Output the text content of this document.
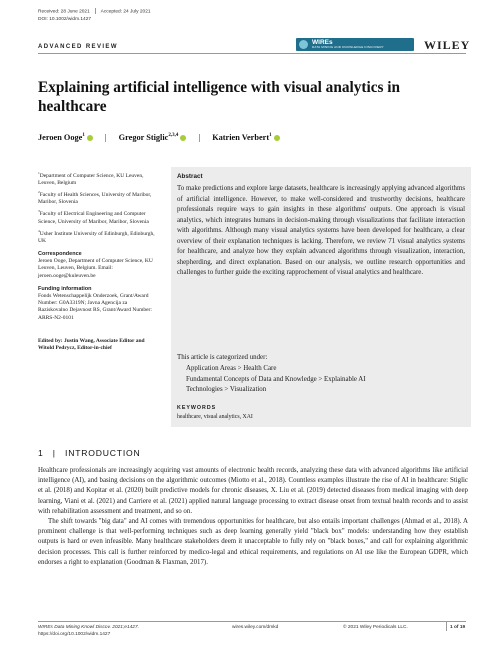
Received: 28 June 2021 Accepted: 24 July 2021
DOI: 10.1002/widm.1427
ADVANCED REVIEW
WIREs
DATA MINING AND KNOWLEDGE DISCOVERY	WILEY
Explaining artificial intelligence with visual analytics in healthcare
Jeroen Ooge$^1$ | Gregor Stiglic$^{2,3,4}$ | Katrien Verbert$^1$
$^1$Department of Computer Science, KU Leuven, Leuven, Belgium
$^2$Faculty of Health Sciences, University of Maribor, Maribor, Slovenia
$^3$Faculty of Electrical Engineering and Computer Science, University of Maribor, Maribor, Slovenia
$^4$Usher Institute University of Edinburgh, Edinburgh, UK
Correspondence
Jeroen Ooge, Department of Computer Science, KU Leuven, Leuven, Belgium. Email: jeroen.ooge@kuleuven.be
Funding information
Fonds Wetenschappelijk Onderzoek, Grant/Award Number: G0A3319N; Javna Agencija za Raziskovalno Dejavnost RS, Grant/Award Number: ARRS-N2-0101
Edited by: Justin Wang, Associate Editor and Witold Pedrycz, Editor-in-chief
Abstract
To make predictions and explore large datasets, healthcare is increasingly applying advanced algorithms of artificial intelligence. However, to make well-considered and trustworthy decisions, healthcare professionals require ways to gain insights in these algorithms' outputs. One approach is visual analytics, which integrates humans in decision-making through visualizations that facilitate interaction with algorithms. Although many visual analytics systems have been developed for healthcare, a clear overview of their explanation techniques is lacking. Therefore, we review 71 visual analytics systems for healthcare, and analyze how they explain advanced algorithms through visualization, interaction, shepherding, and direct explanation. Based on our analysis, we outline research opportunities and challenges to further guide the exciting rapprochement of visual analytics and healthcare.
This article is categorized under:
Application Areas > Health Care
Fundamental Concepts of Data and Knowledge > Explainable AI
Technologies > Visualization
KEYWORDS
healthcare, visual analytics, XAI
1 | INTRODUCTION

Healthcare professionals are increasingly acquiring vast amounts of electronic health records, analyzing these data with advanced algorithms like artificial intelligence (AI), and basing decisions on the algorithmic outcomes (Miotto et al., 2018). Countless examples illustrate the rise of AI in healthcare: Stiglic et al. (2018) and Kopitar et al. (2020) built predictive models for chronic diseases, X. Liu et al. (2019) detected diseases from medical imaging with deep learning, Viani et al. (2021) and Carriere et al. (2021) applied natural language processing to extract disease onset from textual health records and to assist with rehabilitation assessment and treatment, and so on.

The shift towards "big data" and AI comes with tremendous opportunities for healthcare, but also entails important challenges (Ahmad et al., 2018). A prominent challenge is that well-performing techniques such as deep learning generally yield "black box" models: understanding how they establish outputs is hard or even infeasible. Many healthcare stakeholders deem it unacceptable to fully rely on "black boxes," and call for explaining algorithmic decision processes. This call is further reinforced by medico-legal and ethical requirements, and regulations on AI use like the European GDPR, which endorses a right to explanation (Goodman & Flaxman, 2017).

WIREs Data Mining Knowl Discov. 2021;e1427.
https://doi.org/10.1002/widm.1427
wires.wiley.com/dmkd	© 2021 Wiley Periodicals LLC.	1 of 19
